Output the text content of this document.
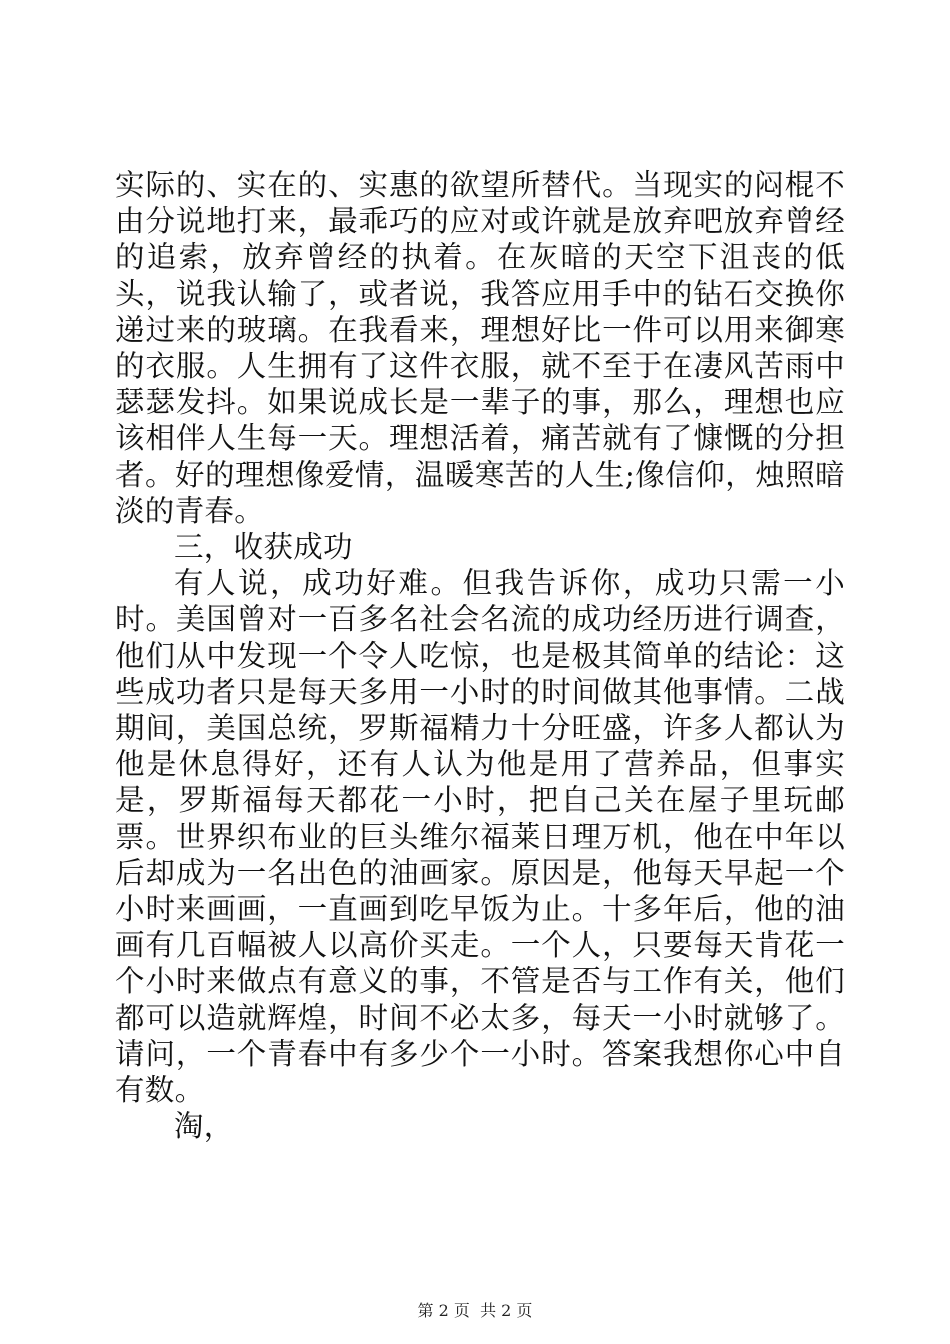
实际的、实在的、实惠的欲望所替代。当现实的闷棍不由分说地打来，最乖巧的应对或许就是放弃吧放弃曾经的追索，放弃曾经的执着。在灰暗的天空下沮丧的低头，说我认输了，或者说，我答应用手中的钻石交换你递过来的玻璃。在我看来，理想好比一件可以用来御寒的衣服。人生拥有了这件衣服，就不至于在凄风苦雨中瑟瑟发抖。如果说成长是一辈子的事，那么，理想也应该相伴人生每一天。理想活着，痛苦就有了慷慨的分担者。好的理想像爱情，温暖寒苦的人生;像信仰，烛照暗淡的青春。

三，收获成功

有人说，成功好难。但我告诉你，成功只需一小时。美国曾对一百多名社会名流的成功经历进行调查，他们从中发现一个令人吃惊，也是极其简单的结论：这些成功者只是每天多用一小时的时间做其他事情。二战期间，美国总统，罗斯福精力十分旺盛，许多人都认为他是休息得好，还有人认为他是用了营养品，但事实是，罗斯福每天都花一小时，把自己关在屋子里玩邮票。世界织布业的巨头维尔福莱日理万机，他在中年以后却成为一名出色的油画家。原因是，他每天早起一个小时来画画，一直画到吃早饭为止。十多年后，他的油画有几百幅被人以高价买走。一个人，只要每天肯花一个小时来做点有意义的事，不管是否与工作有关，他们都可以造就辉煌，时间不必太多，每天一小时就够了。请问，一个青春中有多少个一小时。答案我想你心中自有数。

淘，

第 2 页  共 2 页
